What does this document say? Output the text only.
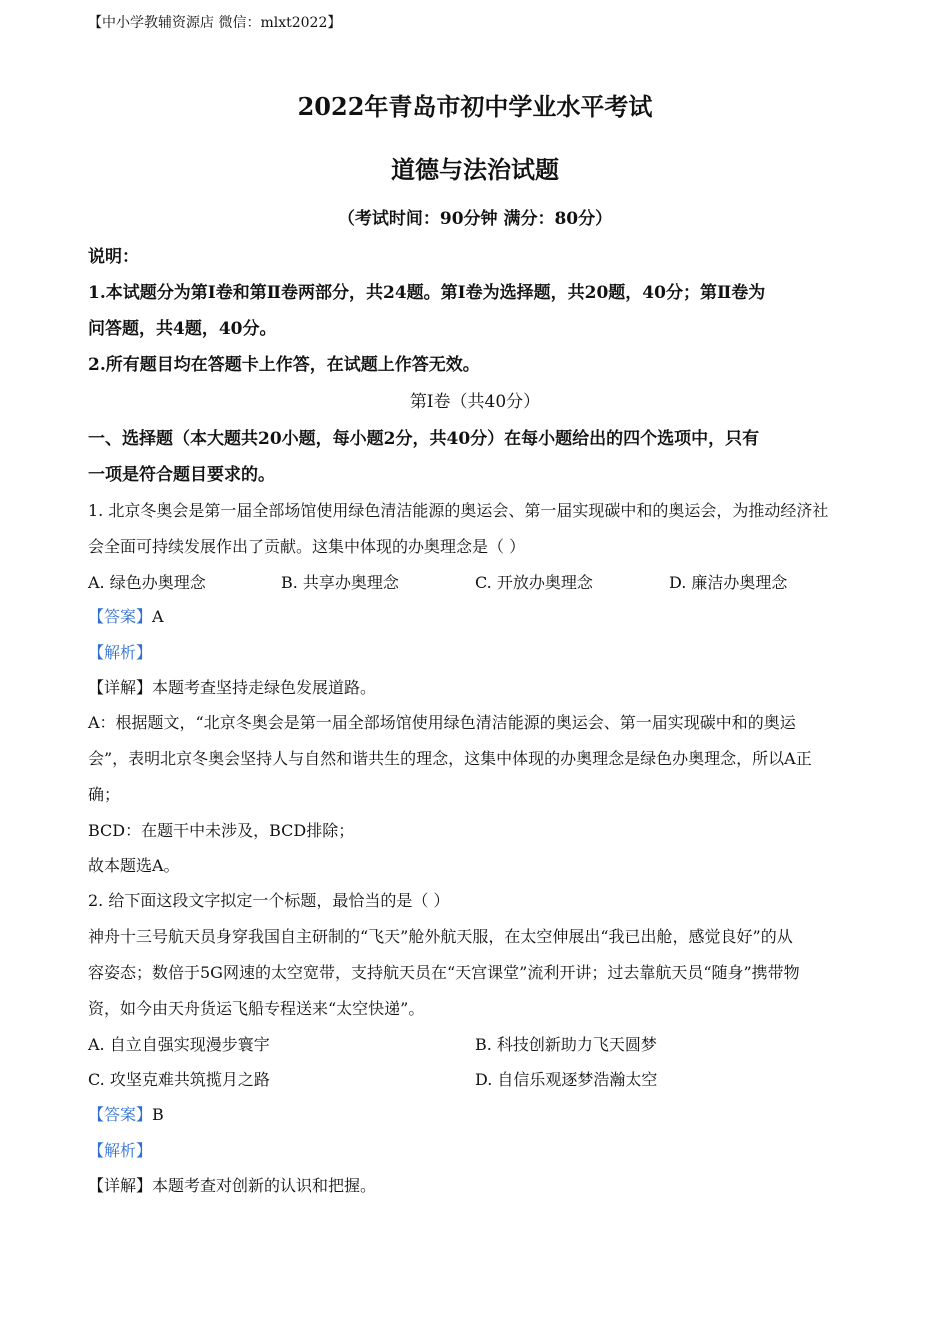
【中小学教辅资源店 微信：mlxt2022】
2022年青岛市初中学业水平考试
道德与法治试题
（考试时间：90分钟 满分：80分）
说明：
1.本试题分为第Ⅰ卷和第Ⅱ卷两部分，共24题。第Ⅰ卷为选择题，共20题，40分；第Ⅱ卷为
问答题，共4题，40分。
2.所有题目均在答题卡上作答，在试题上作答无效。
第Ⅰ卷（共40分）
一、选择题（本大题共20小题，每小题2分，共40分）在每小题给出的四个选项中，只有
一项是符合题目要求的。
1. 北京冬奥会是第一届全部场馆使用绿色清洁能源的奥运会、第一届实现碳中和的奥运会，为推动经济社
会全面可持续发展作出了贡献。这集中体现的办奥理念是（ ）
A. 绿色办奥理念	B. 共享办奥理念	C. 开放办奥理念	D. 廉洁办奥理念
【答案】A
【解析】
【详解】本题考查坚持走绿色发展道路。
A：根据题文，“北京冬奥会是第一届全部场馆使用绿色清洁能源的奥运会、第一届实现碳中和的奥运
会”，表明北京冬奥会坚持人与自然和谐共生的理念，这集中体现的办奥理念是绿色办奥理念，所以A正
确；
BCD：在题干中未涉及，BCD排除；
故本题选A。
2. 给下面这段文字拟定一个标题，最恰当的是（ ）
神舟十三号航天员身穿我国自主研制的“飞天”舱外航天服，在太空伸展出“我已出舱，感觉良好”的从
容姿态；数倍于5G网速的太空宽带，支持航天员在“天宫课堂”流利开讲；过去靠航天员“随身”携带物
资，如今由天舟货运飞船专程送来“太空快递”。
A. 自立自强实现漫步寰宇	B. 科技创新助力飞天圆梦
C. 攻坚克难共筑揽月之路	D. 自信乐观逐梦浩瀚太空
【答案】B
【解析】
【详解】本题考查对创新的认识和把握。
